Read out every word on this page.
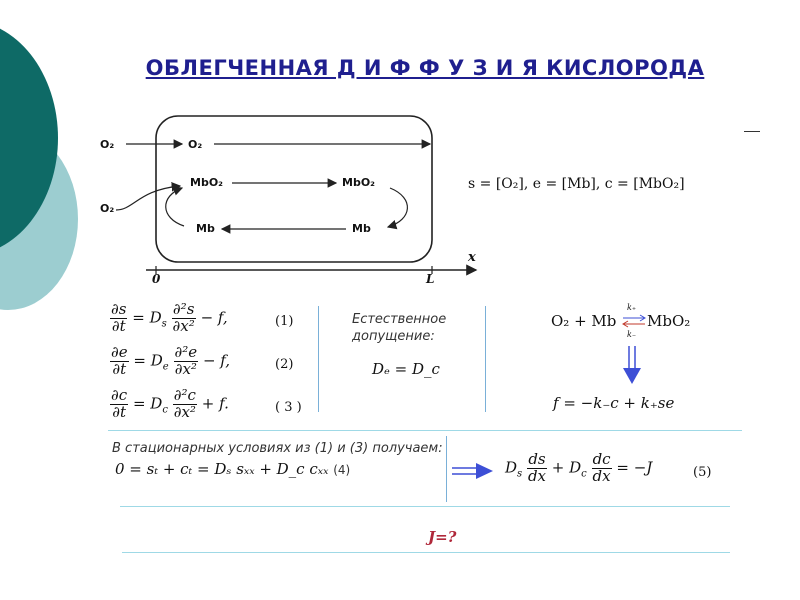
ОБЛЕГЧЕННАЯ Д И Ф Ф У З И Я КИСЛОРОДА
O₂	O₂
O₂
MbO₂	MbO₂
Mb	Mb
x
0	L
s = [O₂], e = [Mb], c = [MbO₂]
$\frac{\partial s}{\partial t} = D_s \frac{\text{∂²s}}{\text{∂x²}} - f$,	(1)
$\frac{\partial e}{\partial t} = D_e \frac{\text{∂²e}}{\text{∂x²}} - f$,	(2)
$\frac{\partial c}{\partial t} = D_c \frac{\text{∂²c}}{\text{∂x²}} + f$.	( 3 )
Естественное
допущение:
Dₑ = D_c
O₂ + Mb ⇌
k₊
k₋
MbO₂
f = −k₋c + k₊se
В стационарных условиях из (1) и (3) получаем:
0 = sₜ + cₜ = Dₛ sₓₓ + D_c cₓₓ (4)	$D_s \frac{ds}{dx} + D_c \frac{dc}{dx} = -J$	(5)
J=?
